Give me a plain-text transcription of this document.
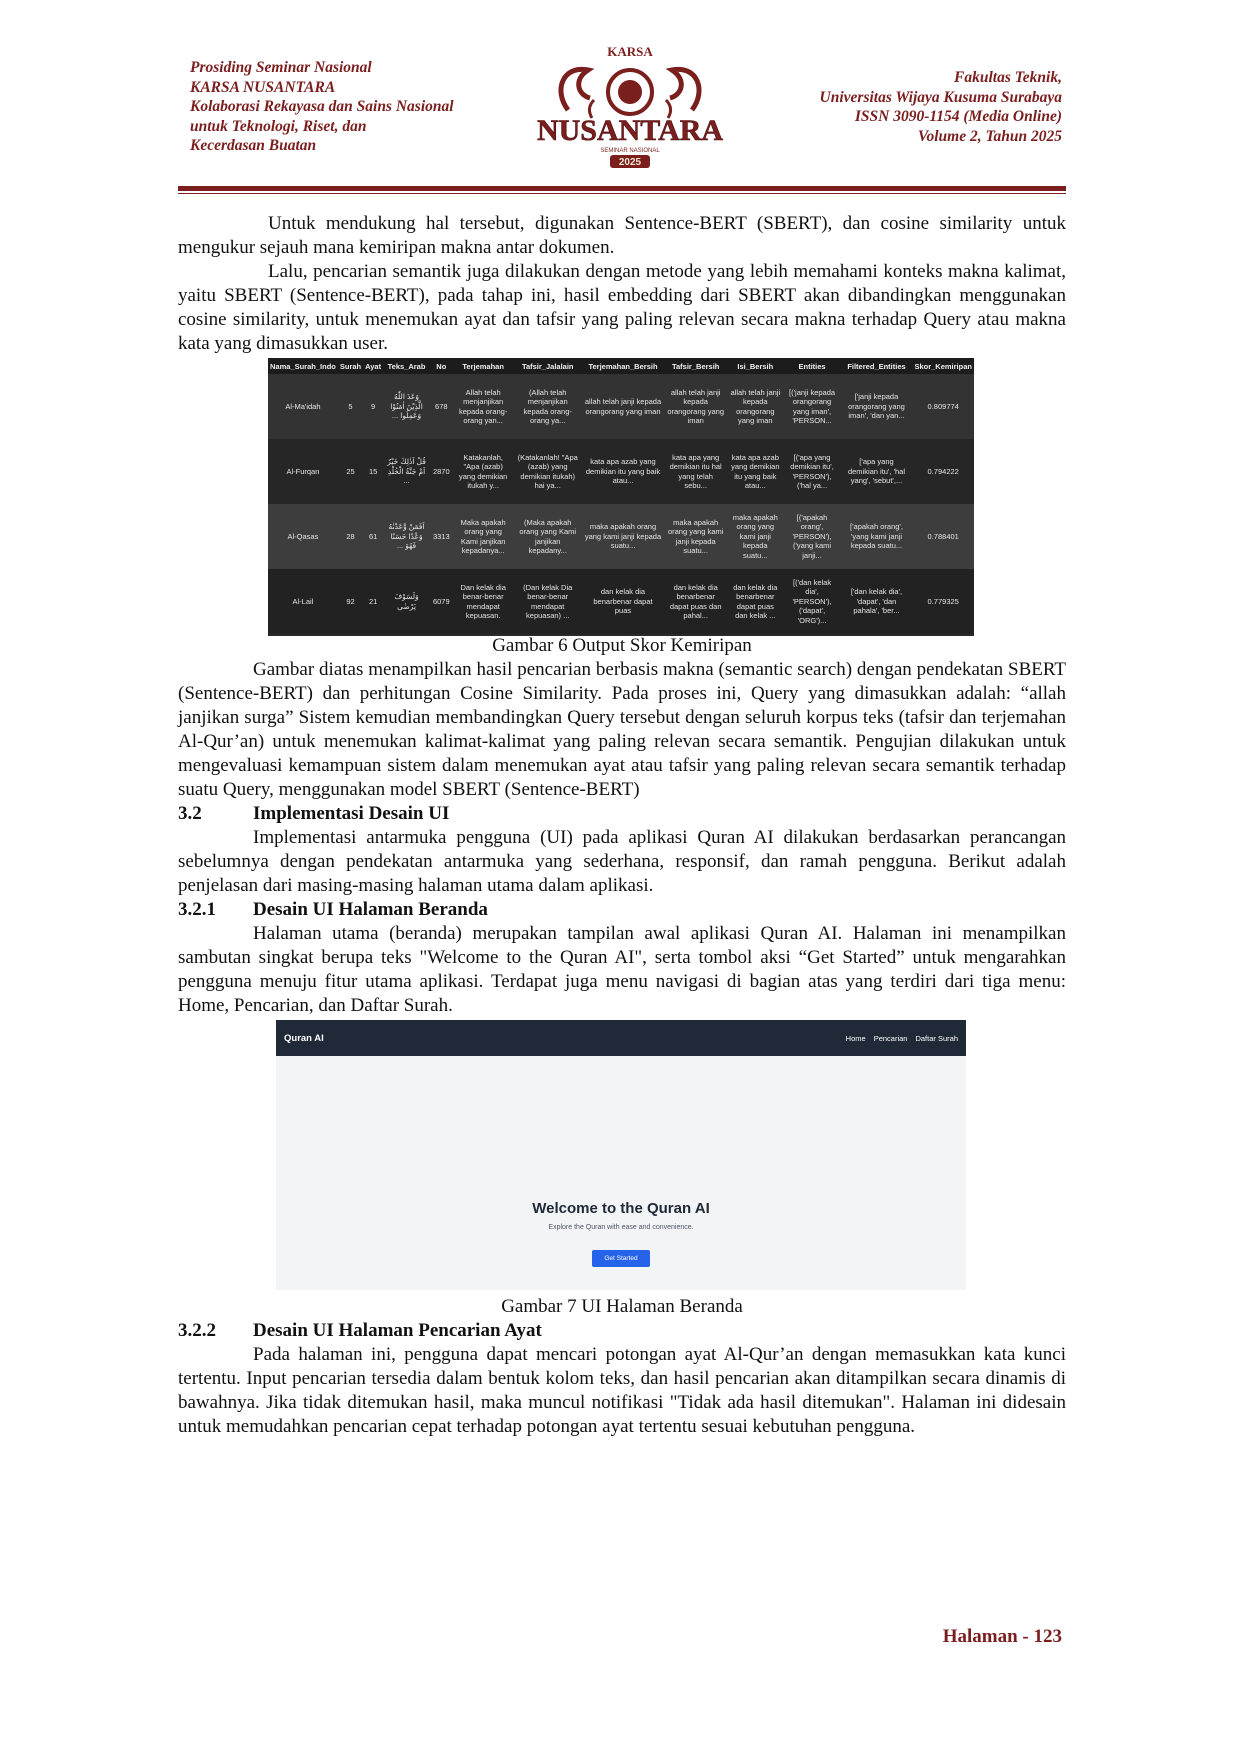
Prosiding Seminar Nasional
KARSA NUSANTARA
Kolaborasi Rekayasa dan Sains Nasional
untuk Teknologi, Riset, dan
Kecerdasan Buatan
KARSA
NUSANTARA
SEMINAR NASIONAL
2025
Fakultas Teknik,
Universitas Wijaya Kusuma Surabaya
ISSN 3090-1154 (Media Online)
Volume 2, Tahun 2025

Untuk mendukung hal tersebut, digunakan Sentence-BERT (SBERT), dan cosine similarity untuk mengukur sejauh mana kemiripan makna antar dokumen.

Lalu, pencarian semantik juga dilakukan dengan metode yang lebih memahami konteks makna kalimat, yaitu SBERT (Sentence-BERT), pada tahap ini, hasil embedding dari SBERT akan dibandingkan menggunakan cosine similarity, untuk menemukan ayat dan tafsir yang paling relevan secara makna terhadap Query atau makna kata yang dimasukkan user.

Nama_Surah_Indo	Surah	Ayat	Teks_Arab	No	Terjemahan	Tafsir_Jalalain	Terjemahan_Bersih	Tafsir_Bersih	Isi_Bersih	Entities	Filtered_Entities	Skor_Kemiripan
Al-Ma'idah	5	9	وَعَدَ اللّٰهُ الَّذِيْنَ اٰمَنُوْا وَعَمِلُوا ...	678	Allah telah menjanjikan kepada orang-orang yan...	(Allah telah menjanjikan kepada orang-orang ya...	allah telah janji kepada orangorang yang iman	allah telah janji kepada orangorang yang iman	allah telah janji kepada orangorang yang iman	[('janji kepada orangorang yang iman', 'PERSON...	['janji kepada orangorang yang iman', 'dan yan...	0.809774
Al-Furqan	25	15	قُلْ اَذٰلِكَ خَيْرٌ اَمْ جَنَّةُ الْخُلْدِ ...	2870	Katakanlah, "Apa (azab) yang demikian itukah y...	(Katakanlah! "Apa (azab) yang demikian itukah) hai ya...	kata apa azab yang demikian itu yang baik atau...	kata apa yang demikian itu hal yang telah sebu...	kata apa azab yang demikian itu yang baik atau...	[('apa yang demikian itu', 'PERSON'), ('hal ya...	['apa yang demikian itu', 'hal yang', 'sebut',...	0.794222
Al-Qasas	28	61	اَفَمَنْ وَّعَدْنٰهُ وَعْدًا حَسَنًا فَهُوَ ...	3313	Maka apakah orang yang Kami janjikan kepadanya...	(Maka apakah orang yang Kami janjikan kepadany...	maka apakah orang yang kami janji kepada suatu...	maka apakah orang yang kami janji kepada suatu...	maka apakah orang yang kami janji kepada suatu...	[('apakah orang', 'PERSON'), ('yang kami janji...	['apakah orang', 'yang kami janji kepada suatu...	0.788401
Al-Lail	92	21	وَلَسَوْفَ يَرْضٰى	6079	Dan kelak dia benar-benar mendapat kepuasan.	(Dan kelak Dia benar-benar mendapat kepuasan) ...	dan kelak dia benarbenar dapat puas	dan kelak dia benarbenar dapat puas dan pahal...	dan kelak dia benarbenar dapat puas dan kelak ...	[('dan kelak dia', 'PERSON'), ('dapat', 'ORG')...	['dan kelak dia', 'dapat', 'dan pahala', 'ber...	0.779325
Gambar 6 Output Skor Kemiripan

Gambar diatas menampilkan hasil pencarian berbasis makna (semantic search) dengan pendekatan SBERT (Sentence-BERT) dan perhitungan Cosine Similarity. Pada proses ini, Query yang dimasukkan adalah: “allah janjikan surga” Sistem kemudian membandingkan Query tersebut dengan seluruh korpus teks (tafsir dan terjemahan Al-Qur’an) untuk menemukan kalimat-kalimat yang paling relevan secara semantik. Pengujian dilakukan untuk mengevaluasi kemampuan sistem dalam menemukan ayat atau tafsir yang paling relevan secara semantik terhadap suatu Query, menggunakan model SBERT (Sentence-BERT)

3.2	Implementasi Desain UI

Implementasi antarmuka pengguna (UI) pada aplikasi Quran AI dilakukan berdasarkan perancangan sebelumnya dengan pendekatan antarmuka yang sederhana, responsif, dan ramah pengguna. Berikut adalah penjelasan dari masing-masing halaman utama dalam aplikasi.

3.2.1	Desain UI Halaman Beranda

Halaman utama (beranda) merupakan tampilan awal aplikasi Quran AI. Halaman ini menampilkan sambutan singkat berupa teks "Welcome to the Quran AI", serta tombol aksi “Get Started” untuk mengarahkan pengguna menuju fitur utama aplikasi. Terdapat juga menu navigasi di bagian atas yang terdiri dari tiga menu: Home, Pencarian, dan Daftar Surah.

Quran AI	Home Pencarian Daftar Surah
Welcome to the Quran AI
Explore the Quran with ease and convenience.
Get Started
Gambar 7 UI Halaman Beranda
3.2.2	Desain UI Halaman Pencarian Ayat

Pada halaman ini, pengguna dapat mencari potongan ayat Al-Qur’an dengan memasukkan kata kunci tertentu. Input pencarian tersedia dalam bentuk kolom teks, dan hasil pencarian akan ditampilkan secara dinamis di bawahnya. Jika tidak ditemukan hasil, maka muncul notifikasi "Tidak ada hasil ditemukan". Halaman ini didesain untuk memudahkan pencarian cepat terhadap potongan ayat tertentu sesuai kebutuhan pengguna.

Halaman - 123
